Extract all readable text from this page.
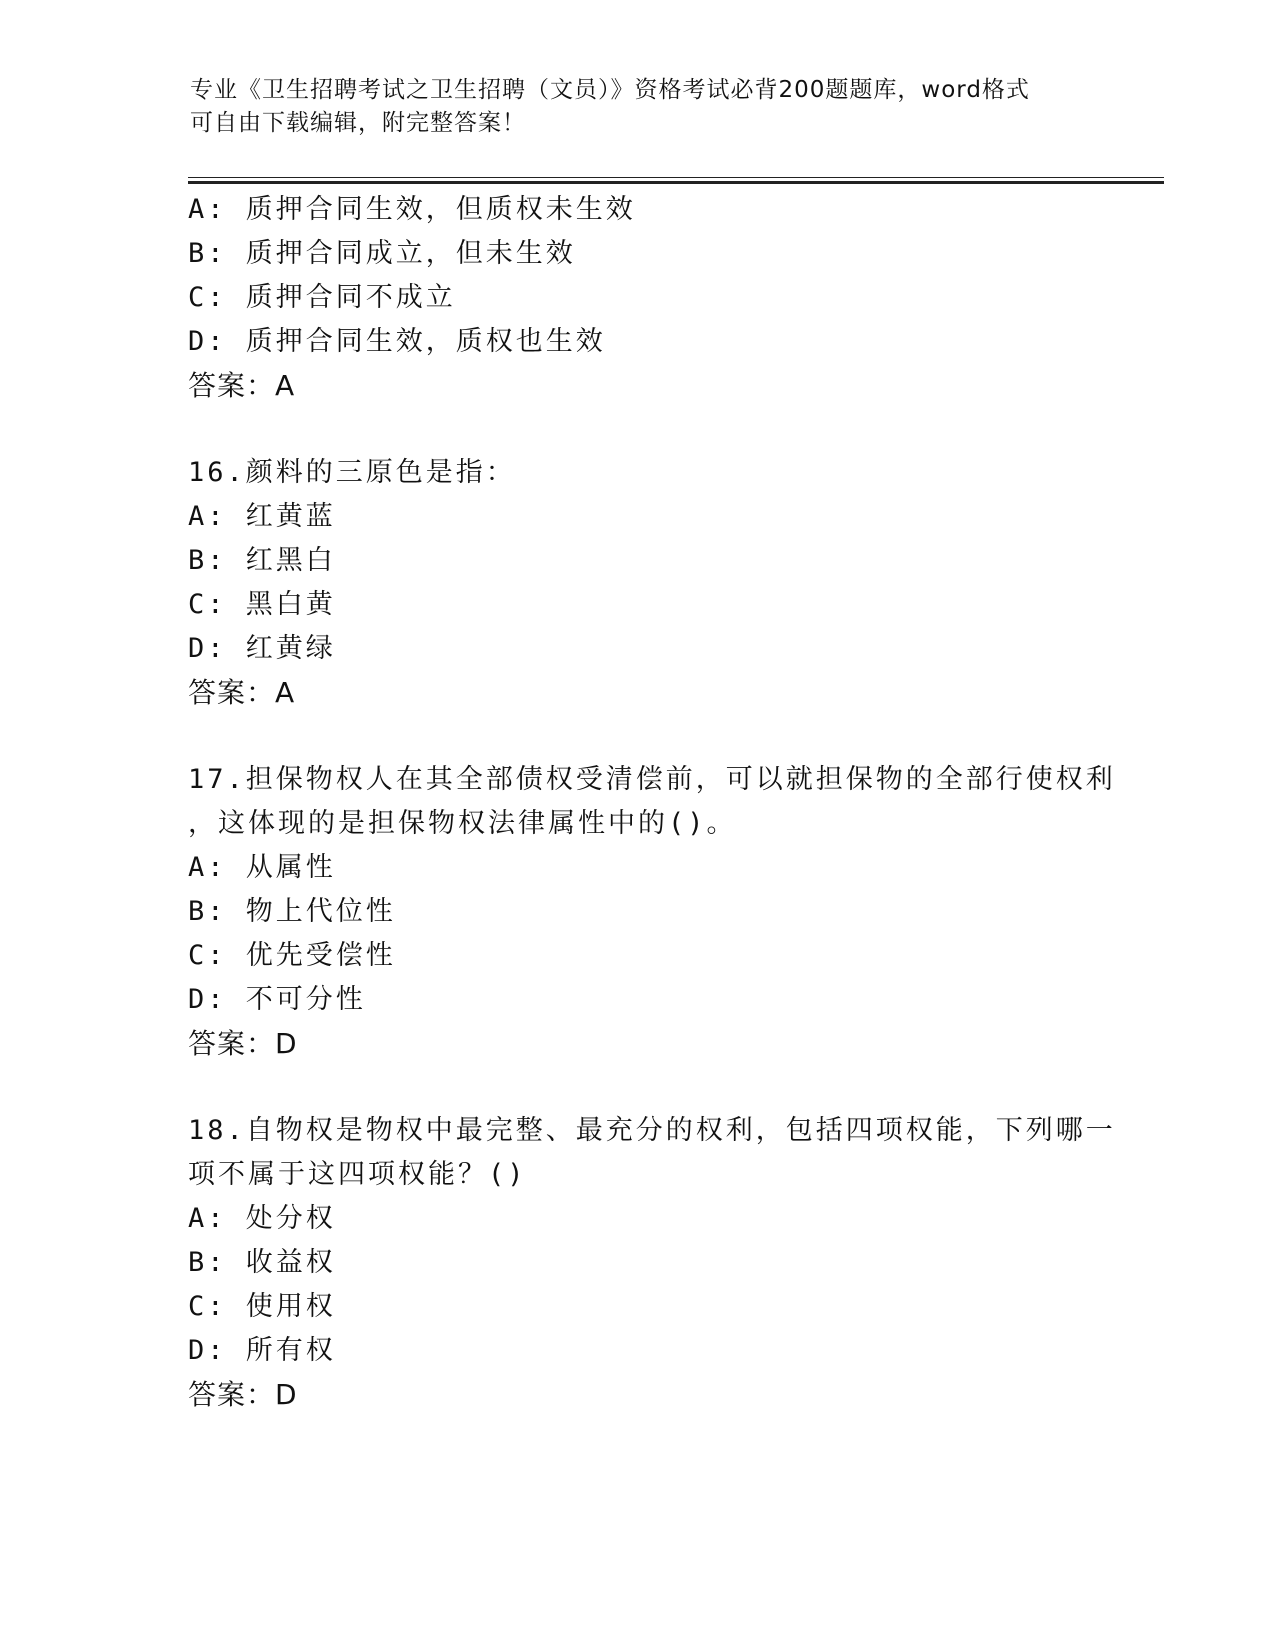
专业《卫生招聘考试之卫生招聘（文员）》资格考试必背200题题库，word格式
可自由下载编辑，附完整答案！
A: 质押合同生效，但质权未生效
B: 质押合同成立，但未生效
C: 质押合同不成立
D: 质押合同生效，质权也生效
答案：A
16.颜料的三原色是指：
A: 红黄蓝
B: 红黑白
C: 黑白黄
D: 红黄绿
答案：A
17.担保物权人在其全部债权受清偿前，可以就担保物的全部行使权利
，这体现的是担保物权法律属性中的()。
A: 从属性
B: 物上代位性
C: 优先受偿性
D: 不可分性
答案：D
18.自物权是物权中最完整、最充分的权利，包括四项权能，下列哪一
项不属于这四项权能？()
A: 处分权
B: 收益权
C: 使用权
D: 所有权
答案：D
